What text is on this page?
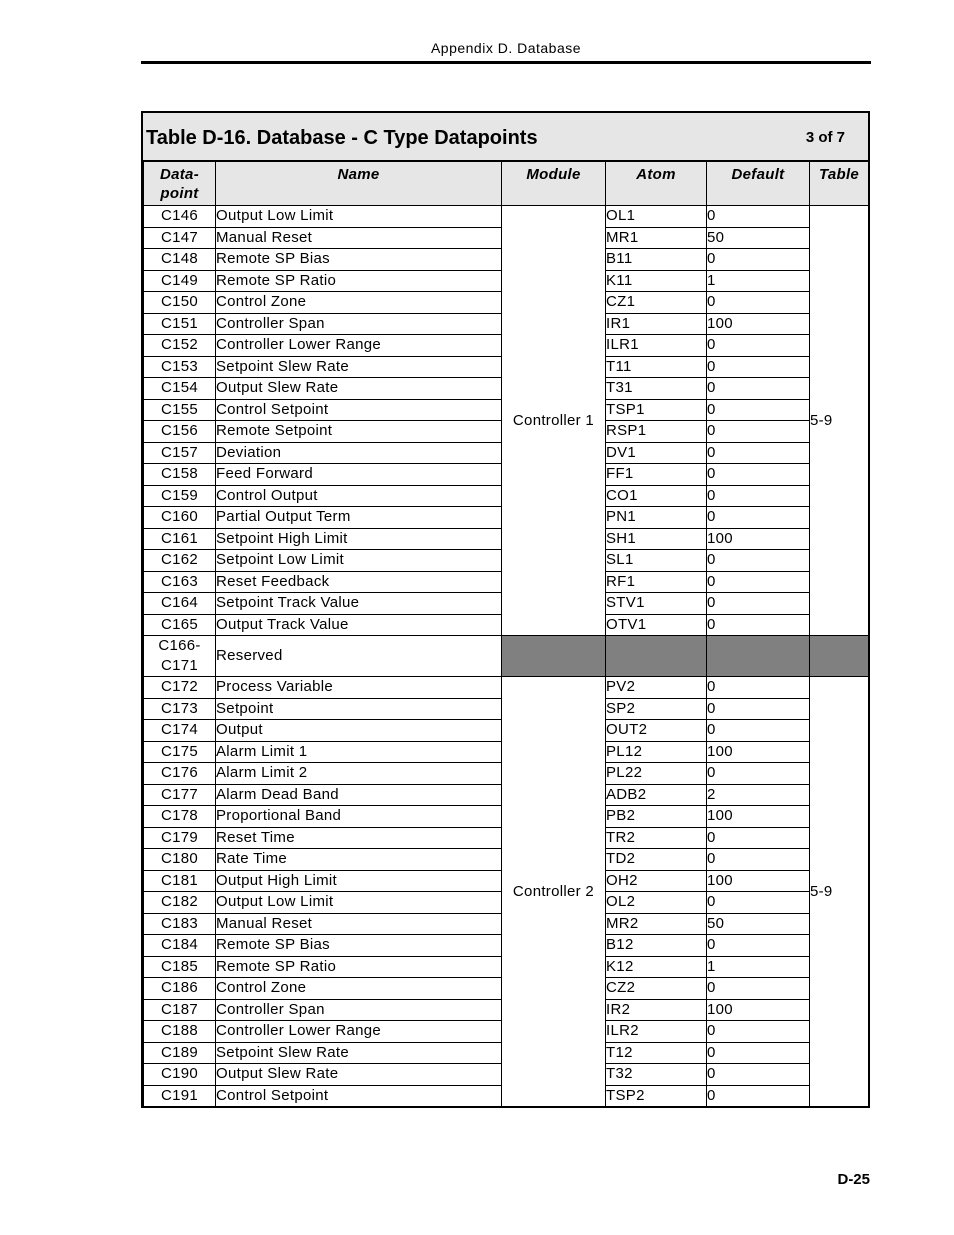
Appendix D. Database
Table D-16. Database - C Type Datapoints	3 of 7
Data-
point	Name	Module	Atom	Default	Table
C146	Output Low Limit	Controller 1	OL1	0	5-9
C147	Manual Reset		MR1	50	
C148	Remote SP Bias		B11	0	
C149	Remote SP Ratio		K11	1	
C150	Control Zone		CZ1	0	
C151	Controller Span		IR1	100	
C152	Controller Lower Range		ILR1	0	
C153	Setpoint Slew Rate		T11	0	
C154	Output Slew Rate		T31	0	
C155	Control Setpoint		TSP1	0	
C156	Remote Setpoint		RSP1	0	
C157	Deviation		DV1	0	
C158	Feed Forward		FF1	0	
C159	Control Output		CO1	0	
C160	Partial Output Term		PN1	0	
C161	Setpoint High Limit		SH1	100	
C162	Setpoint Low Limit		SL1	0	
C163	Reset Feedback		RF1	0	
C164	Setpoint Track Value		STV1	0	
C165	Output Track Value		OTV1	0	
C166-
C171	Reserved				
C172	Process Variable	Controller 2	PV2	0	5-9
C173	Setpoint		SP2	0	
C174	Output		OUT2	0	
C175	Alarm Limit 1		PL12	100	
C176	Alarm Limit 2		PL22	0	
C177	Alarm Dead Band		ADB2	2	
C178	Proportional Band		PB2	100	
C179	Reset Time		TR2	0	
C180	Rate Time		TD2	0	
C181	Output High Limit		OH2	100	
C182	Output Low Limit		OL2	0	
C183	Manual Reset		MR2	50	
C184	Remote SP Bias		B12	0	
C185	Remote SP Ratio		K12	1	
C186	Control Zone		CZ2	0	
C187	Controller Span		IR2	100	
C188	Controller Lower Range		ILR2	0	
C189	Setpoint Slew Rate		T12	0	
C190	Output Slew Rate		T32	0	
C191	Control Setpoint		TSP2	0	
D-25
